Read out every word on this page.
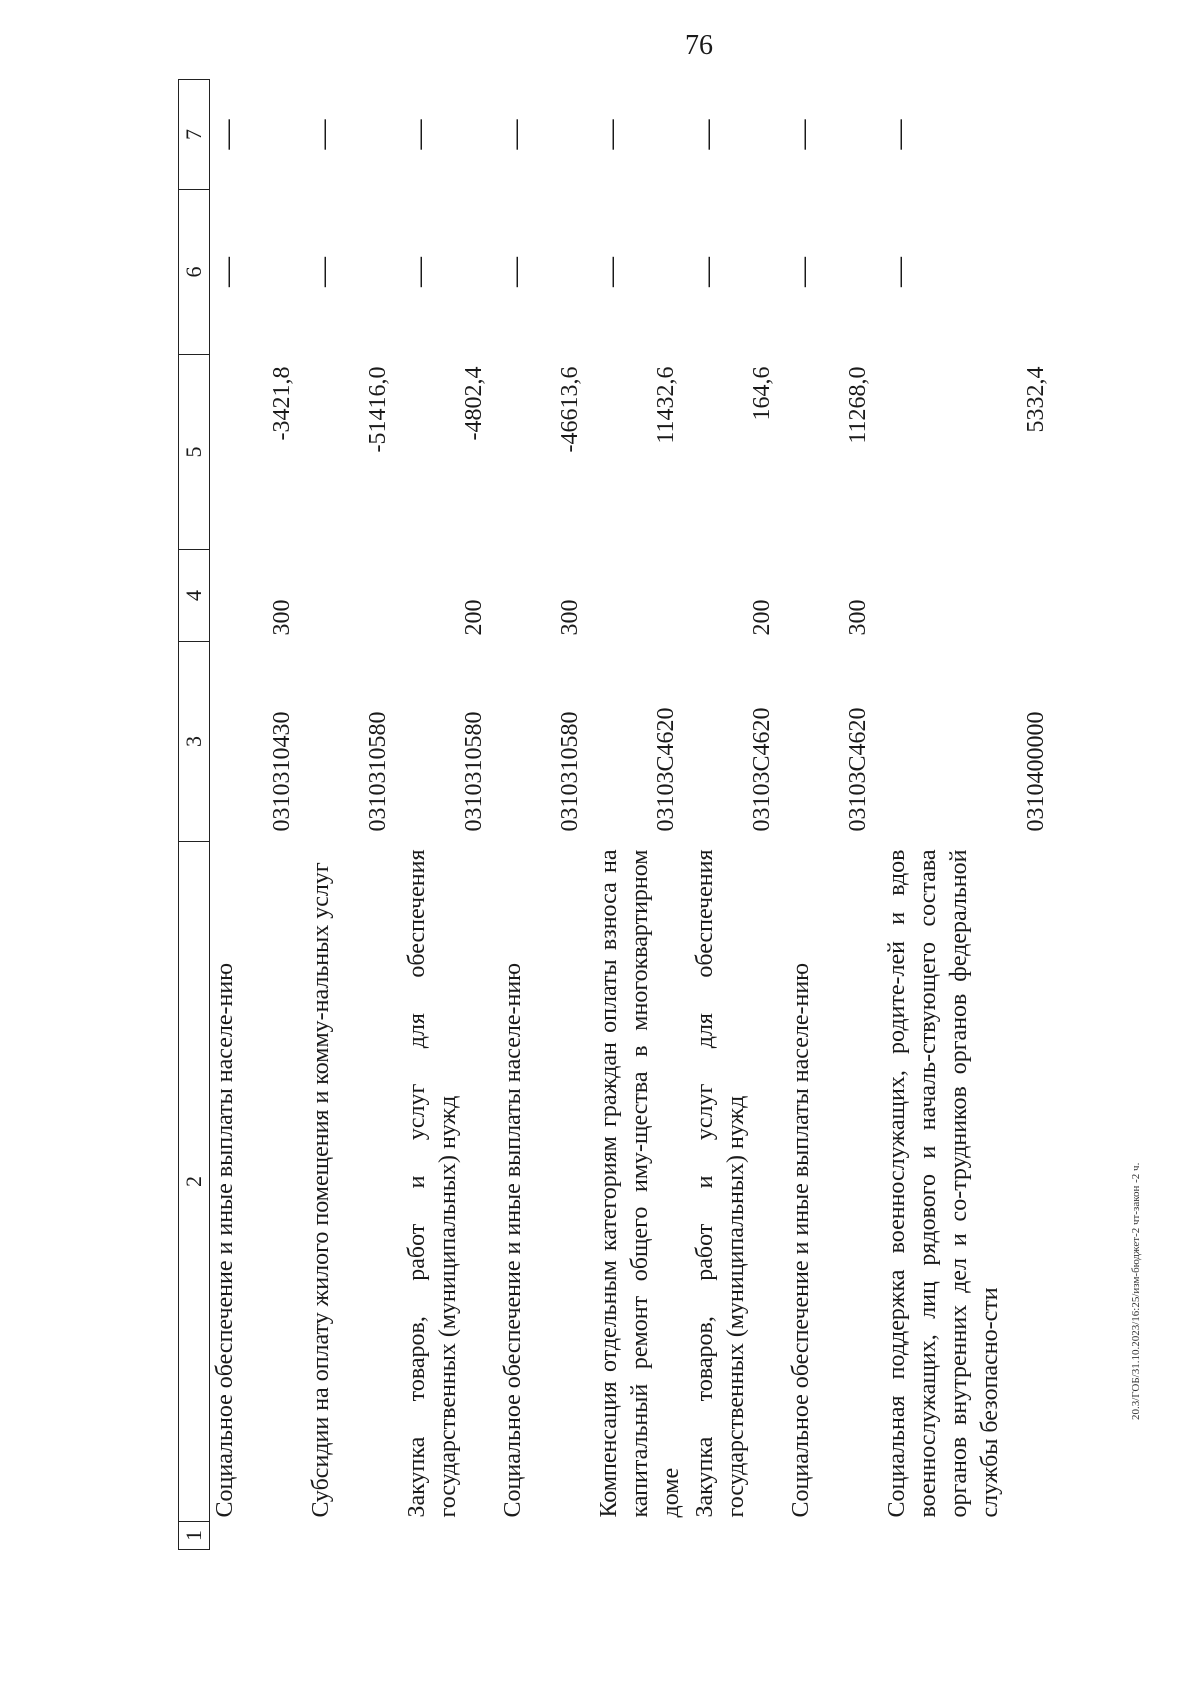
76
20.3/ГОБ/31.10.2023/16:25/изм-бюджет-2 чт-закон -2 ч.
1	2	3	4	5	6	7
	Социальное обеспечение и иные выплаты населе-нию	0310310430	300	-3421,8	—	—
	Субсидии на оплату жилого помещения и комму-нальных услуг	0310310580		-51416,0	—	—
	Закупка товаров, работ и услуг для обеспечения государственных (муниципальных) нужд	0310310580	200	-4802,4	—	—
	Социальное обеспечение и иные выплаты населе-нию	0310310580	300	-46613,6	—	—
	Компенсация отдельным категориям граждан оплаты взноса на капитальный ремонт общего иму-щества в многоквартирном доме	03103C4620		11432,6	—	—
	Закупка товаров, работ и услуг для обеспечения государственных (муниципальных) нужд	03103C4620	200	164,6	—	—
	Социальное обеспечение и иные выплаты населе-нию	03103C4620	300	11268,0	—	—
	Социальная поддержка военнослужащих, родите-лей и вдов военнослужащих, лиц рядового и началь-ствующего состава органов внутренних дел и со-трудников органов федеральной службы безопасно-сти	0310400000		5332,4	—	—
